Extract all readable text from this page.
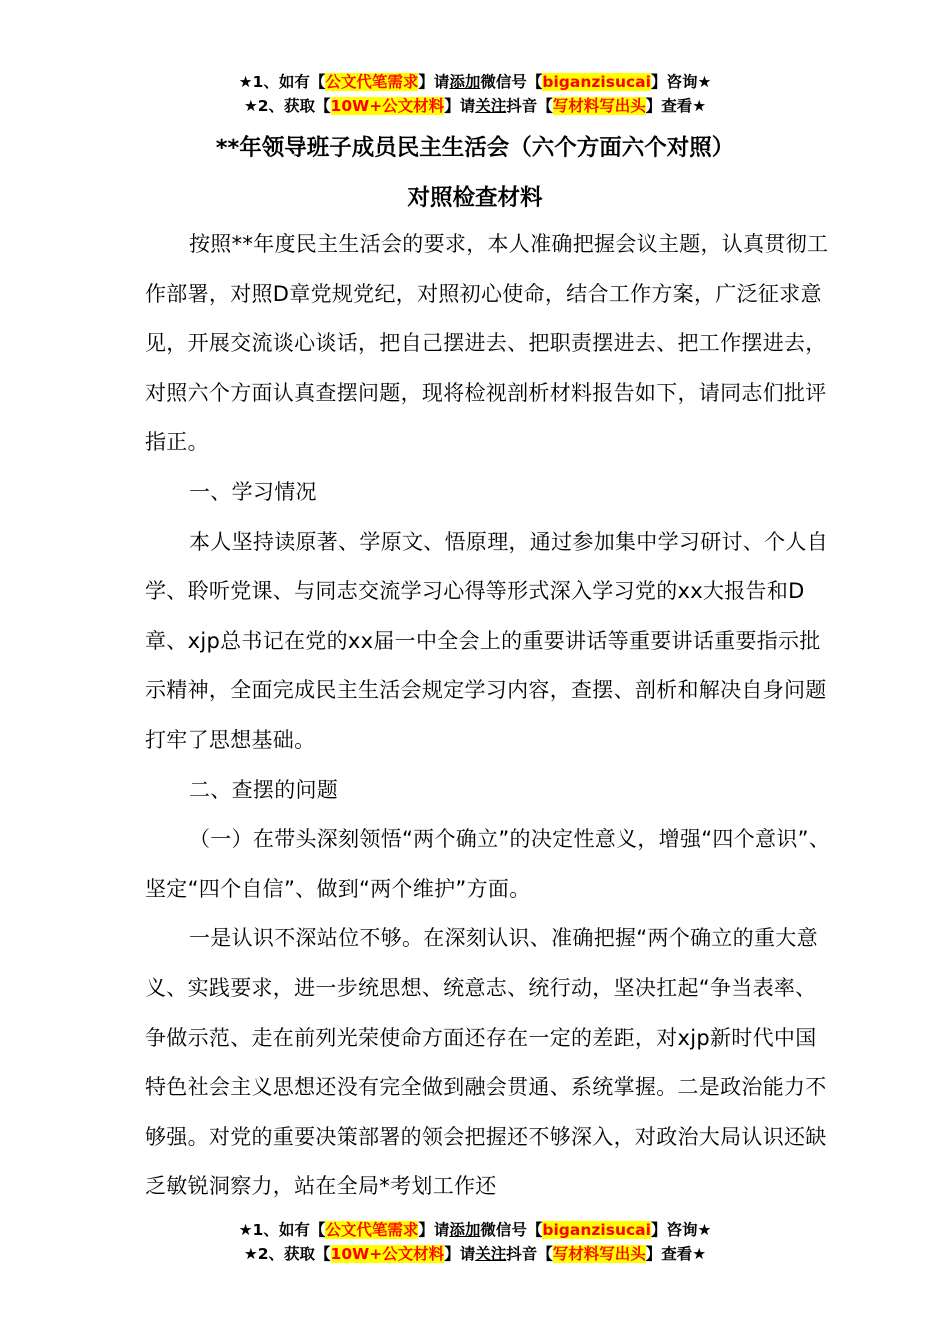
★1、如有【公文代笔需求】请添加微信号【biganzisucai】咨询★
★2、获取【10W+公文材料】请关注抖音【写材料写出头】查看★
**年领导班子成员民主生活会（六个方面六个对照）
对照检查材料

按照**年度民主生活会的要求，本人准确把握会议主题，认真贯彻工作部署，对照D章党规党纪，对照初心使命，结合工作方案，广泛征求意见，开展交流谈心谈话，把自己摆进去、把职责摆进去、把工作摆进去，对照六个方面认真查摆问题，现将检视剖析材料报告如下，请同志们批评指正。

一、学习情况

本人坚持读原著、学原文、悟原理，通过参加集中学习研讨、个人自学、聆听党课、与同志交流学习心得等形式深入学习党的xx大报告和D章、xjp总书记在党的xx届一中全会上的重要讲话等重要讲话重要指示批示精神，全面完成民主生活会规定学习内容，查摆、剖析和解决自身问题打牢了思想基础。

二、查摆的问题

（一）在带头深刻领悟“两个确立”的决定性意义，增强“四个意识”、坚定“四个自信”、做到“两个维护”方面。

一是认识不深站位不够。在深刻认识、准确把握“两个确立的重大意义、实践要求，进一步统思想、统意志、统行动，坚决扛起“争当表率、争做示范、走在前列光荣使命方面还存在一定的差距，对xjp新时代中国特色社会主义思想还没有完全做到融会贯通、系统掌握。二是政治能力不够强。对党的重要决策部署的领会把握还不够深入，对政治大局认识还缺乏敏锐洞察力，站在全局*考划工作还

★1、如有【公文代笔需求】请添加微信号【biganzisucai】咨询★
★2、获取【10W+公文材料】请关注抖音【写材料写出头】查看★
